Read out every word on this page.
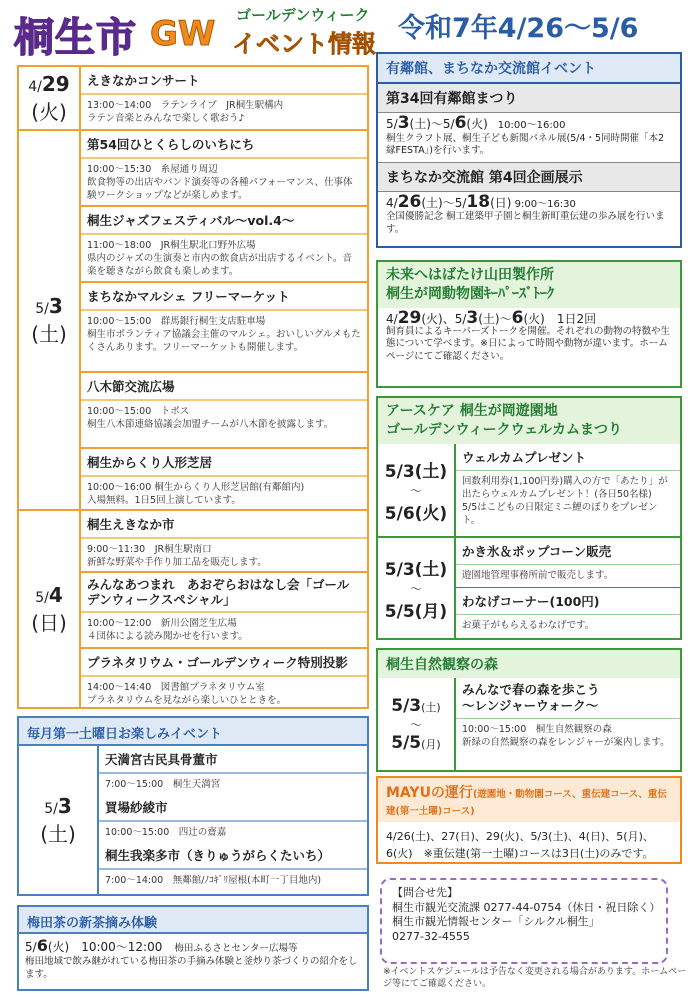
桐生市 GW ゴールデンウィーク
イベント情報 令和7年4/26～5/6
4/29
(火)
5/3
(土)
5/4
(日)
えきなかコンサート
13:00～14:00　ラテンライブ　JR桐生駅構内
ラテン音楽とみんなで楽しく歌おう♪
第54回ひとくらしのいちにち
10:00～15:30　糸屋通り周辺
飲食物等の出店やバンド演奏等の各種パフォーマンス、仕事体験ワークショップなどが楽しめます。
桐生ジャズフェスティバル～vol.4～
11:00～18:00　JR桐生駅北口野外広場
県内のジャズの生演奏と市内の飲食店が出店するイベント。音楽を聴きながら飲食も楽しめます。
まちなかマルシェ フリーマーケット
10:00～15:00　群馬銀行桐生支店駐車場
桐生市ボランティア協議会主催のマルシェ。おいしいグルメもたくさんあります。フリーマーケットも開催します。
八木節交流広場
10:00～15:00　トポス
桐生八木節連絡協議会加盟チームが八木節を披露します。
桐生からくり人形芝居
10:00～16:00 桐生からくり人形芝居館(有鄰館内)
入場無料。1日5回上演しています。
桐生えきなか市
9:00～11:30　JR桐生駅南口
新鮮な野菜や手作り加工品を販売します。
みんなあつまれ　あおぞらおはなし会「ゴールデンウィークスペシャル」
10:00～12:00　新川公園芝生広場
４団体による読み聞かせを行います。
プラネタリウム・ゴールデンウィーク特別投影
14:00～14:40　図書館プラネタリウム室
プラネタリウムを見ながら楽しいひとときを。
毎月第一土曜日お楽しみイベント
5/3
(土)
天満宮古民具骨董市
7:00～15:00　桐生天満宮
買場紗綾市
10:00～15:00　四辻の齋嘉
桐生我楽多市（きりゅうがらくたいち）
7:00～14:00　無鄰館/ﾉｺｷﾞﾘ屋根(本町一丁目地内)
梅田茶の新茶摘み体験
5/6(火)　10:00～12:00　梅田ふるさとセンター広場等
梅田地域で飲み継がれている梅田茶の手摘み体験と釜炒り茶づくりの紹介をします。
有鄰館、まちなか交流館イベント
第34回有鄰館まつり
5/3(土)～5/6(火)　10:00～16:00
桐生クラフト展、桐生子ども新聞パネル展(5/4・5同時開催「本2 縁FESTA」)を行います。
まちなか交流館 第4回企画展示
4/26(土)～5/18(日) 9:00～16:30
全国優勝記念 桐工建築甲子園と桐生新町重伝建の歩み展を行います。
未来へはばたけ山田製作所
桐生が岡動物園ｷｰﾊﾟｰｽﾞﾄｰｸ
4/29(火)、5/3(土)～6(火)　1日2回
飼育員によるキーパーズトークを開催。それぞれの動物の特徴や生態について学べます。※日によって時間や動物が違います。ホームページにてご確認ください。
アースケア 桐生が岡遊園地
ゴールデンウィークウェルカムまつり
5/3(土)
～
5/6(火)
5/3(土)
～
5/5(月)
ウェルカムプレゼント
回数利用券(1,100円券)購入の方で「あたり」が出たらウェルカムプレゼント！(各日50名様)　5/5はこどもの日限定ミニ鯉のぼりをプレゼント。
かき氷＆ポップコーン販売
遊園地管理事務所前で販売します。
わなげコーナー(100円)
お菓子がもらえるわなげです。
桐生自然観察の森
5/3(土)
～
5/5(月)
みんなで春の森を歩こう
～レンジャーウォーク～
10:00～15:00　桐生自然観察の森
新緑の自然観察の森をレンジャーが案内します。
MAYUの運行(遊園地・動物園コース、重伝建コース、重伝建(第一土曜)コース)
4/26(土)、27(日)、29(火)、5/3(土)、4(日)、5(月)、6(火)　※重伝建(第一土曜)コースは3日(土)のみです。
【問合せ先】
桐生市観光交流課 0277-44-0754（休日・祝日除く）
桐生市観光情報センター「シルクル桐生」
0277-32-4555
※イベントスケジュールは予告なく変更される場合があります。ホームページ等にてご確認ください。
